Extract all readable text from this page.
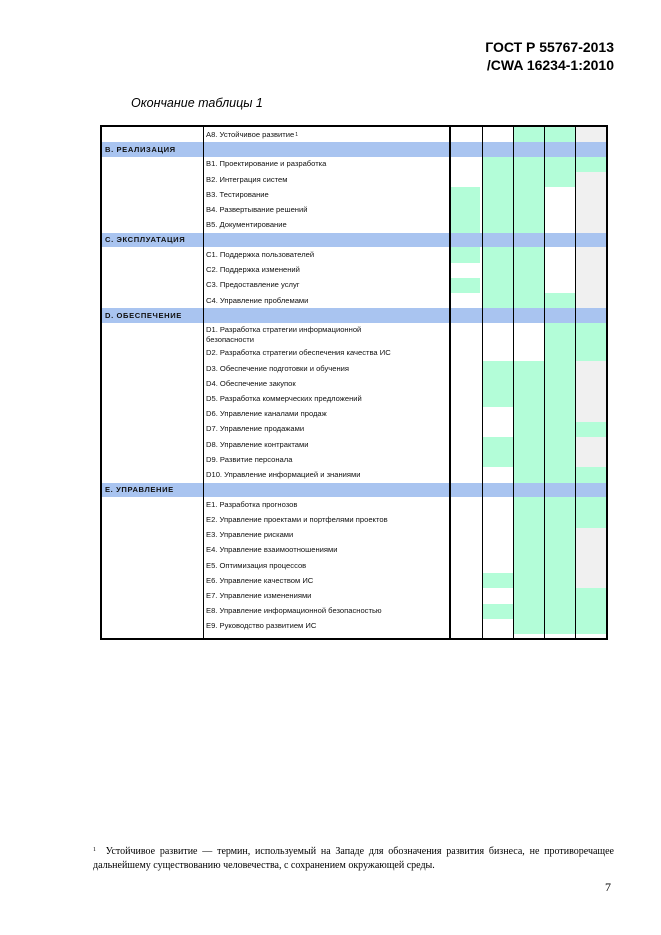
ГОСТ Р 55767-2013
/CWA 16234-1:2010
Окончание таблицы 1
A8. Устойчивое развитие$^1$
B. РЕАЛИЗАЦИЯ
B1. Проектирование и разработка
B2. Интеграция систем
B3. Тестирование
B4. Развертывание решений
B5. Документирование
C. ЭКСПЛУАТАЦИЯ
C1. Поддержка пользователей
C2. Поддержка изменений
C3. Предоставление услуг
C4. Управление проблемами
D. ОБЕСПЕЧЕНИЕ
D1. Разработка стратегии информационной
безопасности
D2. Разработка стратегии обеспечения качества ИС
D3. Обеспечение подготовки и обучения
D4. Обеспечение закупок
D5. Разработка коммерческих предложений
D6. Управление каналами продаж
D7. Управление продажами
D8. Управление контрактами
D9. Развитие персонала
D10. Управление информацией и знаниями
E. УПРАВЛЕНИЕ
E1. Разработка прогнозов
E2. Управление проектами и портфелями проектов
E3. Управление рисками
E4. Управление взаимоотношениями
E5. Оптимизация процессов
E6. Управление качеством ИС
E7. Управление изменениями
E8. Управление информационной безопасностью
E9. Руководство развитием ИС
$^1$ Устойчивое развитие — термин, используемый на Западе для обозначения развития бизнеса, не противоречащее дальнейшему существованию человечества, с сохранением окружающей среды.
7
